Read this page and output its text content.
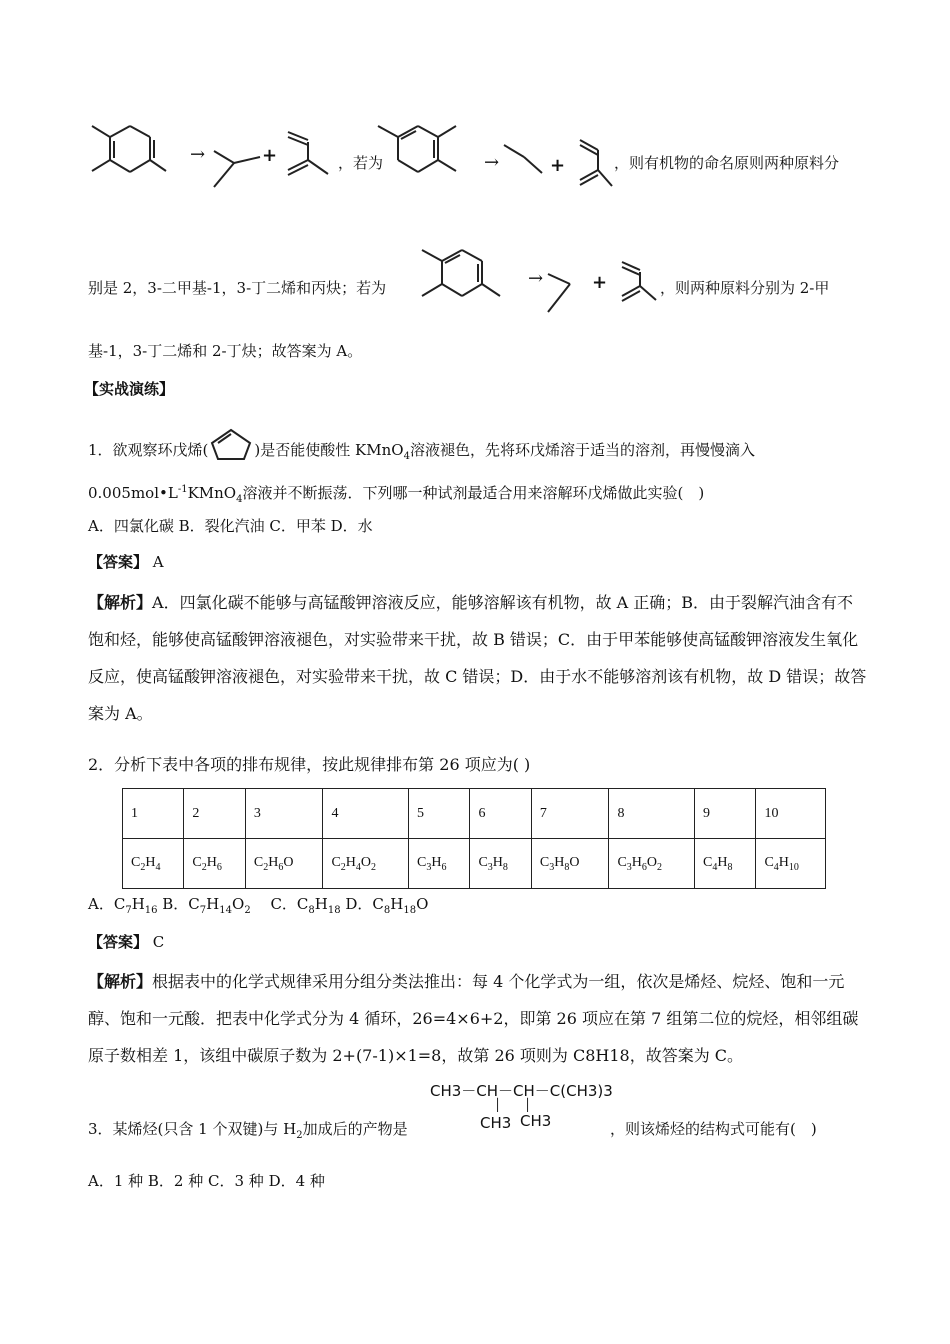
→	+	，若为	→	+	，则有机物的命名原则两种原料分
别是 2，3-二甲基-1，3-丁二烯和丙炔；若为	→	+	，则两种原料分别为 2-甲
基-1，3-丁二烯和 2-丁炔；故答案为 A。
【实战演练】
1．欲观察环戊烯(	)是否能使酸性 KMnO$_4$溶液褪色，先将环戊烯溶于适当的溶剂，再慢慢滴入
$0.005mol•L^{-1}KMnO_4$溶液并不断振荡．下列哪一种试剂最适合用来溶解环戊烯做此实验(　)
A．四氯化碳 B．裂化汽油 C．甲苯 D．水
【答案】 A
【解析】A．四氯化碳不能够与高锰酸钾溶液反应，能够溶解该有机物，故 A 正确；B．由于裂解汽油含有不饱和烃，能够使高锰酸钾溶液褪色，对实验带来干扰，故 B 错误；C．由于甲苯能够使高锰酸钾溶液发生氧化反应，使高锰酸钾溶液褪色，对实验带来干扰，故 C 错误；D．由于水不能够溶剂该有机物，故 D 错误；故答案为 A。
2．分析下表中各项的排布规律，按此规律排布第 26 项应为( )
1	2	3	4	5	6	7	8	9	10
$C_2H_4$	$C_2H_6$	$C_2H_6O$	$C_2H_4O_2$	$C_3H_6$	$C_3H_8$	$C_3H_8O$	$C_3H_6O_2$	$C_4H_8$	$C_4H_{10}$
A．$C_7H_{16}$ B．$C_7H_{14}O_2$　 C．$C_8H_{18}$ D．$C_8H_{18}O$
【答案】 C
【解析】根据表中的化学式规律采用分组分类法推出：每 4 个化学式为一组，依次是烯烃、烷烃、饱和一元醇、饱和一元酸．把表中化学式分为 4 循环，26=4×6+2，即第 26 项应在第 7 组第二位的烷烃，相邻组碳原子数相差 1，该组中碳原子数为 2+(7-1)×1=8，故第 26 项则为 C8H18，故答案为 C。
CH3－CH－CH－C(CH3)3
│ │
CH3 CH3
3．某烯烃(只含 1 个双键)与 $H_2$加成后的产物是	，则该烯烃的结构式可能有(　)
A．1 种 B．2 种 C．3 种 D．4 种
